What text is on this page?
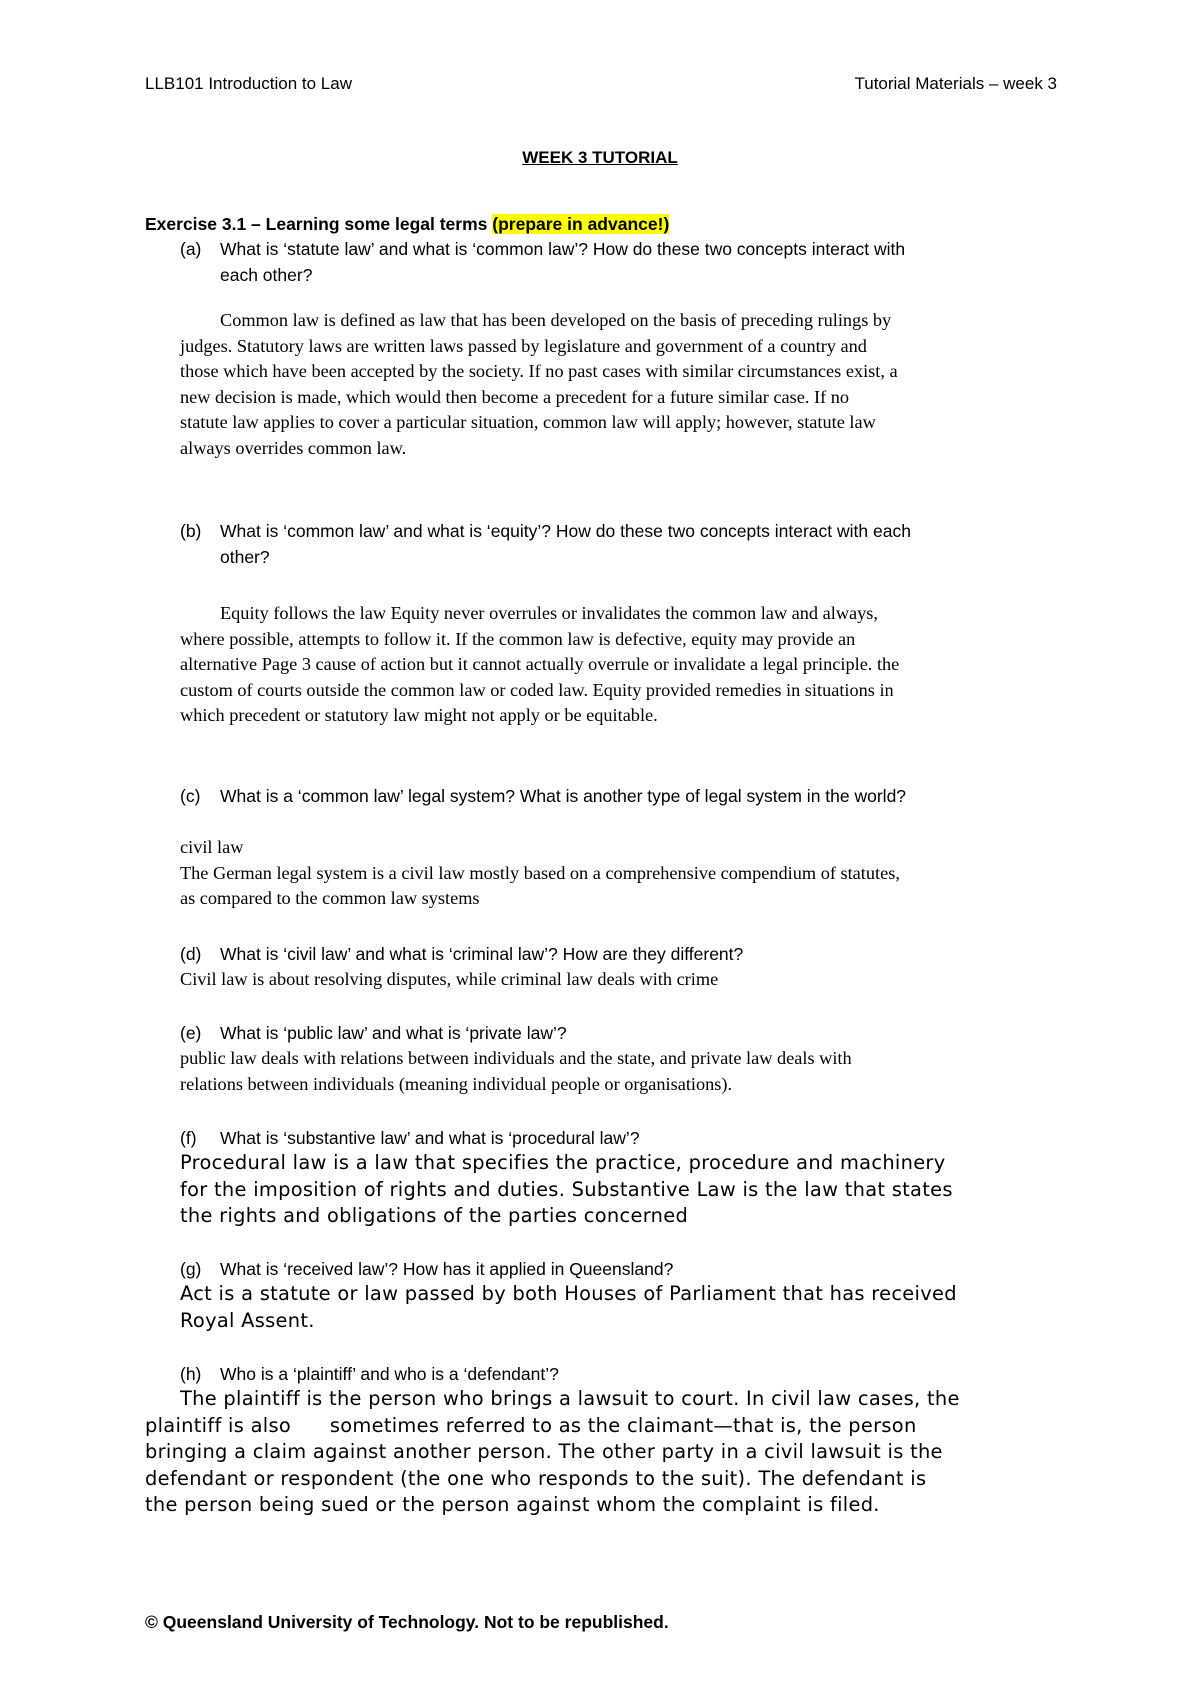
LLB101 Introduction to Law	Tutorial Materials – week 3
WEEK 3 TUTORIAL
Exercise 3.1 – Learning some legal terms (prepare in advance!)
(a) What is ‘statute law’ and what is ‘common law’? How do these two concepts interact with
each other?
Common law is defined as law that has been developed on the basis of preceding rulings by
judges. Statutory laws are written laws passed by legislature and government of a country and
those which have been accepted by the society. If no past cases with similar circumstances exist, a
new decision is made, which would then become a precedent for a future similar case. If no
statute law applies to cover a particular situation, common law will apply; however, statute law
always overrides common law.
(b) What is ‘common law’ and what is ‘equity’? How do these two concepts interact with each
other?
Equity follows the law Equity never overrules or invalidates the common law and always,
where possible, attempts to follow it. If the common law is defective, equity may provide an
alternative Page 3 cause of action but it cannot actually overrule or invalidate a legal principle. the
custom of courts outside the common law or coded law. Equity provided remedies in situations in
which precedent or statutory law might not apply or be equitable.
(c) What is a ‘common law’ legal system? What is another type of legal system in the world?
civil law
The German legal system is a civil law mostly based on a comprehensive compendium of statutes,
as compared to the common law systems
(d) What is ‘civil law’ and what is ‘criminal law’? How are they different?
Civil law is about resolving disputes, while criminal law deals with crime
(e) What is ‘public law’ and what is ‘private law’?
public law deals with relations between individuals and the state, and private law deals with
relations between individuals (meaning individual people or organisations).
(f) What is ‘substantive law’ and what is ‘procedural law’?
Procedural law is a law that specifies the practice, procedure and machinery
for the imposition of rights and duties. Substantive Law is the law that states
the rights and obligations of the parties concerned
(g) What is ‘received law’? How has it applied in Queensland?
Act is a statute or law passed by both Houses of Parliament that has received
Royal Assent.
(h) Who is a ‘plaintiff’ and who is a ‘defendant’?
The plaintiff is the person who brings a lawsuit to court. In civil law cases, the
plaintiff is also      sometimes referred to as the claimant—that is, the person
bringing a claim against another person. The other party in a civil lawsuit is the
defendant or respondent (the one who responds to the suit). The defendant is
the person being sued or the person against whom the complaint is filed.
© Queensland University of Technology. Not to be republished.
